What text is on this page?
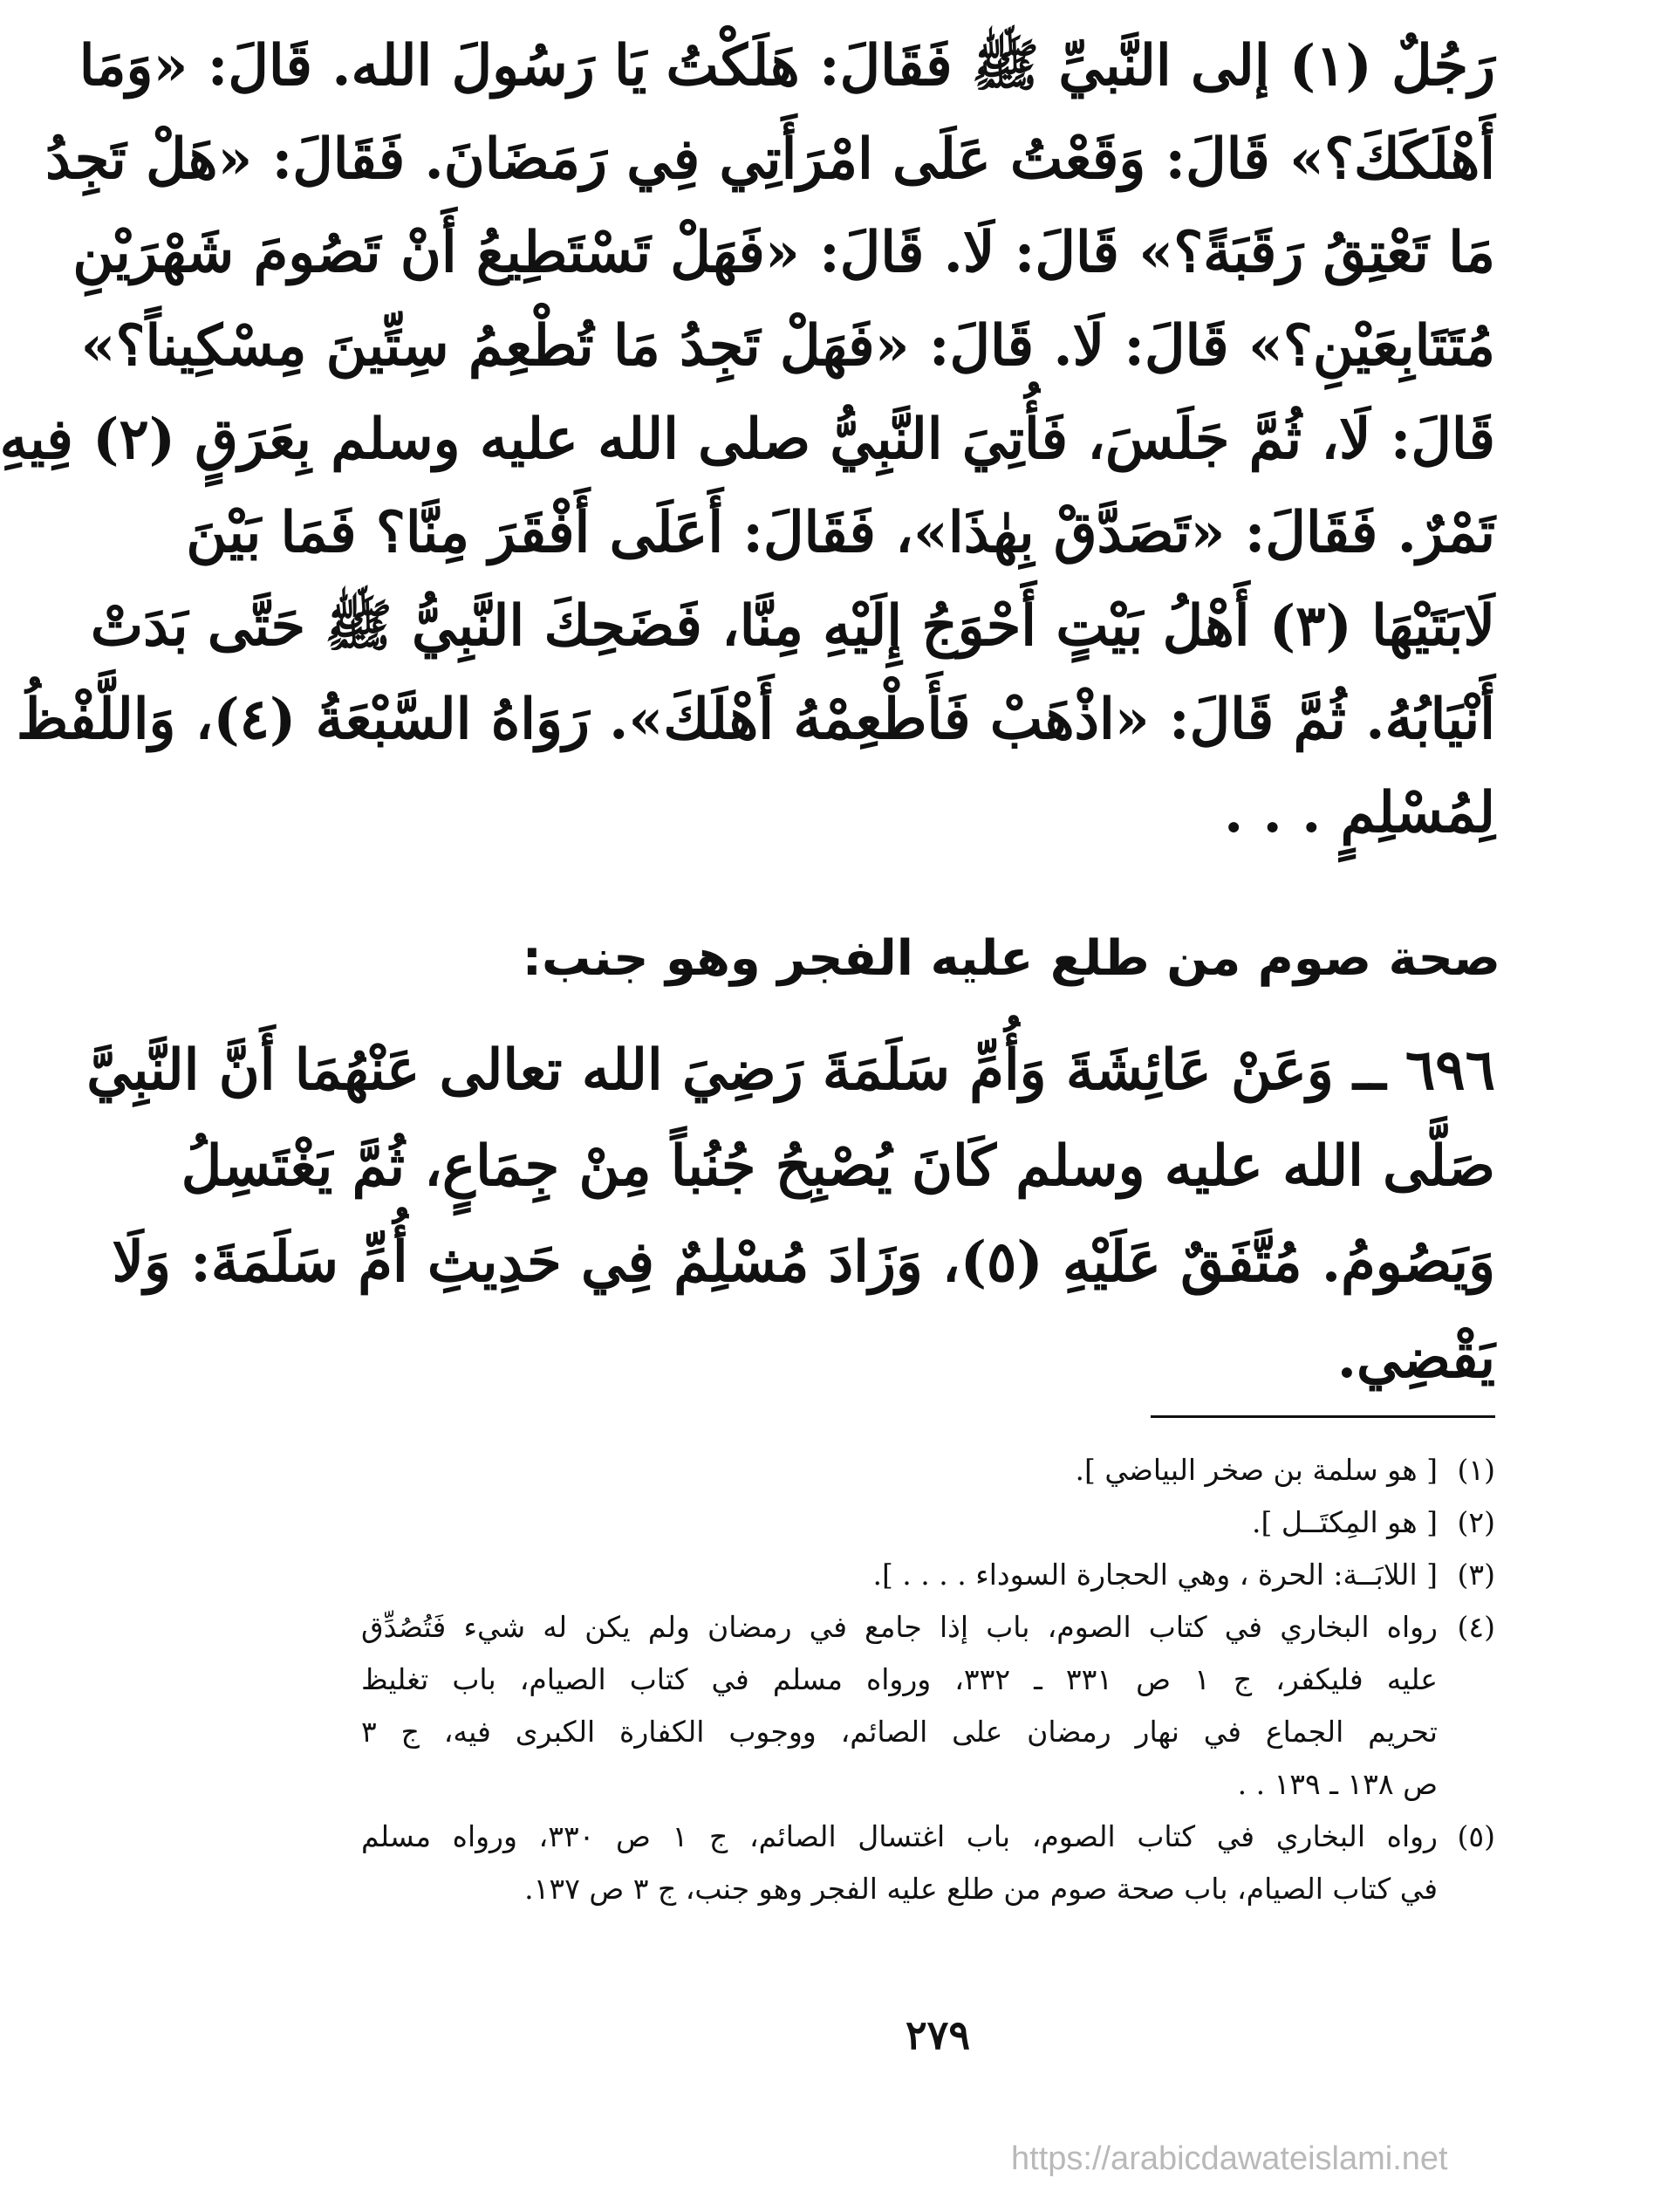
رَجُلٌ (١) إلى النَّبيِّ ﷺ فَقَالَ: هَلَكْتُ يَا رَسُولَ الله. قَالَ: «وَمَا
أَهْلَكَكَ؟» قَالَ: وَقَعْتُ عَلَى امْرَأَتِي فِي رَمَضَانَ. فَقَالَ: «هَلْ تَجِدُ
مَا تَعْتِقُ رَقَبَةً؟» قَالَ: لَا. قَالَ: «فَهَلْ تَسْتَطِيعُ أَنْ تَصُومَ شَهْرَيْنِ
مُتَتَابِعَيْنِ؟» قَالَ: لَا. قَالَ: «فَهَلْ تَجِدُ مَا تُطْعِمُ سِتِّينَ مِسْكِيناً؟»
قَالَ: لَا، ثُمَّ جَلَسَ، فَأُتِيَ النَّبِيُّ صلى الله عليه وسلم بِعَرَقٍ (٢) فِيهِ
تَمْرٌ. فَقَالَ: «تَصَدَّقْ بِهٰذَا»، فَقَالَ: أَعَلَى أَفْقَرَ مِنَّا؟ فَمَا بَيْنَ
لَابَتَيْهَا (٣) أَهْلُ بَيْتٍ أَحْوَجُ إِلَيْهِ مِنَّا، فَضَحِكَ النَّبِيُّ ﷺ حَتَّى بَدَتْ
أَنْيَابُهُ. ثُمَّ قَالَ: «اذْهَبْ فَأَطْعِمْهُ أَهْلَكَ». رَوَاهُ السَّبْعَةُ (٤)، وَاللَّفْظُ
لِمُسْلِمٍ . . .
صحة صوم من طلع عليه الفجر وهو جنب:
٦٩٦ ــ وَعَنْ عَائِشَةَ وَأُمِّ سَلَمَةَ رَضِيَ الله تعالى عَنْهُمَا أَنَّ النَّبِيَّ
صَلَّى الله عليه وسلم كَانَ يُصْبِحُ جُنُباً مِنْ جِمَاعٍ، ثُمَّ يَغْتَسِلُ
وَيَصُومُ. مُتَّفَقٌ عَلَيْهِ (٥)، وَزَادَ مُسْلِمٌ فِي حَدِيثِ أُمِّ سَلَمَةَ: وَلَا
يَقْضِي.
(١)
[ هو سلمة بن صخر البياضي ].
(٢)
[ هو المِكتَــل ].
(٣)
[ اللابَــة: الحرة ، وهي الحجارة السوداء . . . . ].
(٤)
رواه البخاري في كتاب الصوم، باب إذا جامع في رمضان ولم يكن له شيء فَتُصُدِّق
عليه فليكفر، ج ١ ص ٣٣١ ـ ٣٣٢، ورواه مسلم في كتاب الصيام، باب تغليظ
تحريم الجماع في نهار رمضان على الصائم، ووجوب الكفارة الكبرى فيه، ج ٣
ص ١٣٨ ـ ١٣٩ . .
(٥)
رواه البخاري في كتاب الصوم، باب اغتسال الصائم، ج ١ ص ٣٣٠، ورواه مسلم
في كتاب الصيام، باب صحة صوم من طلع عليه الفجر وهو جنب، ج ٣ ص ١٣٧.
٢٧٩
https://arabicdawateislami.net
